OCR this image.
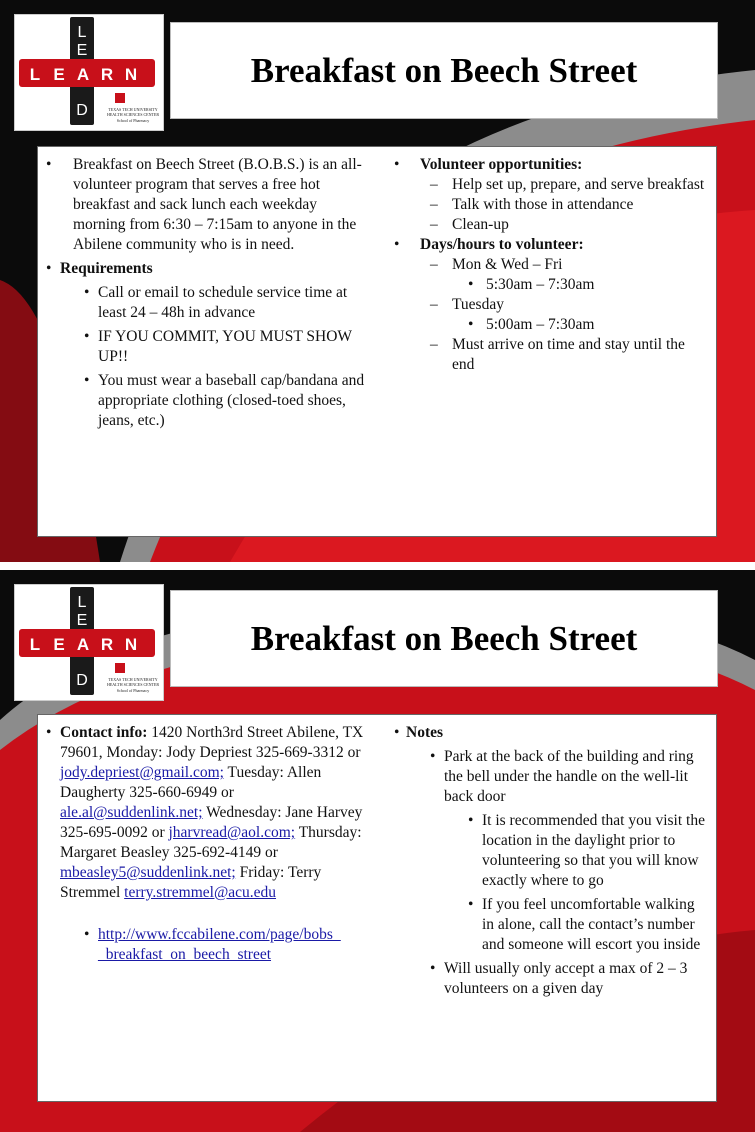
L
E
L E A R N
D	TEXAS TECH UNIVERSITY
HEALTH SCIENCES CENTER
School of Pharmacy
Breakfast on Beech Street
• Breakfast on Beech Street (B.O.B.S.) is an all-volunteer program that serves a free hot breakfast and sack lunch each weekday morning from 6:30 – 7:15am to anyone in the Abilene community who is in need.
• Requirements
• Call or email to schedule service time at least 24 – 48h in advance
• IF YOU COMMIT, YOU MUST SHOW UP!!
• You must wear a baseball cap/bandana and appropriate clothing (closed-toed shoes, jeans, etc.)
• Volunteer opportunities:
– Help set up, prepare, and serve breakfast
– Talk with those in attendance
– Clean-up
• Days/hours to volunteer:
– Mon & Wed – Fri
• 5:30am – 7:30am
– Tuesday
• 5:00am – 7:30am
– Must arrive on time and stay until the end
L
E
L E A R N
D	TEXAS TECH UNIVERSITY
HEALTH SCIENCES CENTER
School of Pharmacy
Breakfast on Beech Street
• Contact info: 1420 North3rd Street Abilene, TX 79601, Monday: Jody Depriest 325-669-3312 or jody.depriest@gmail.com; Tuesday: Allen Daugherty 325-660-6949 or ale.al@suddenlink.net; Wednesday: Jane Harvey 325-695-0092 or jharvread@aol.com; Thursday: Margaret Beasley 325-692-4149 or mbeasley5@suddenlink.net; Friday: Terry Stremmel terry.stremmel@acu.edu
• http://www.fccabilene.com/page/bobs_
_breakfast_on_beech_street
• Notes
• Park at the back of the building and ring the bell under the handle on the well-lit back door
• It is recommended that you visit the location in the daylight prior to volunteering so that you will know exactly where to go
• If you feel uncomfortable walking in alone, call the contact’s number and someone will escort you inside
• Will usually only accept a max of 2 – 3 volunteers on a given day
